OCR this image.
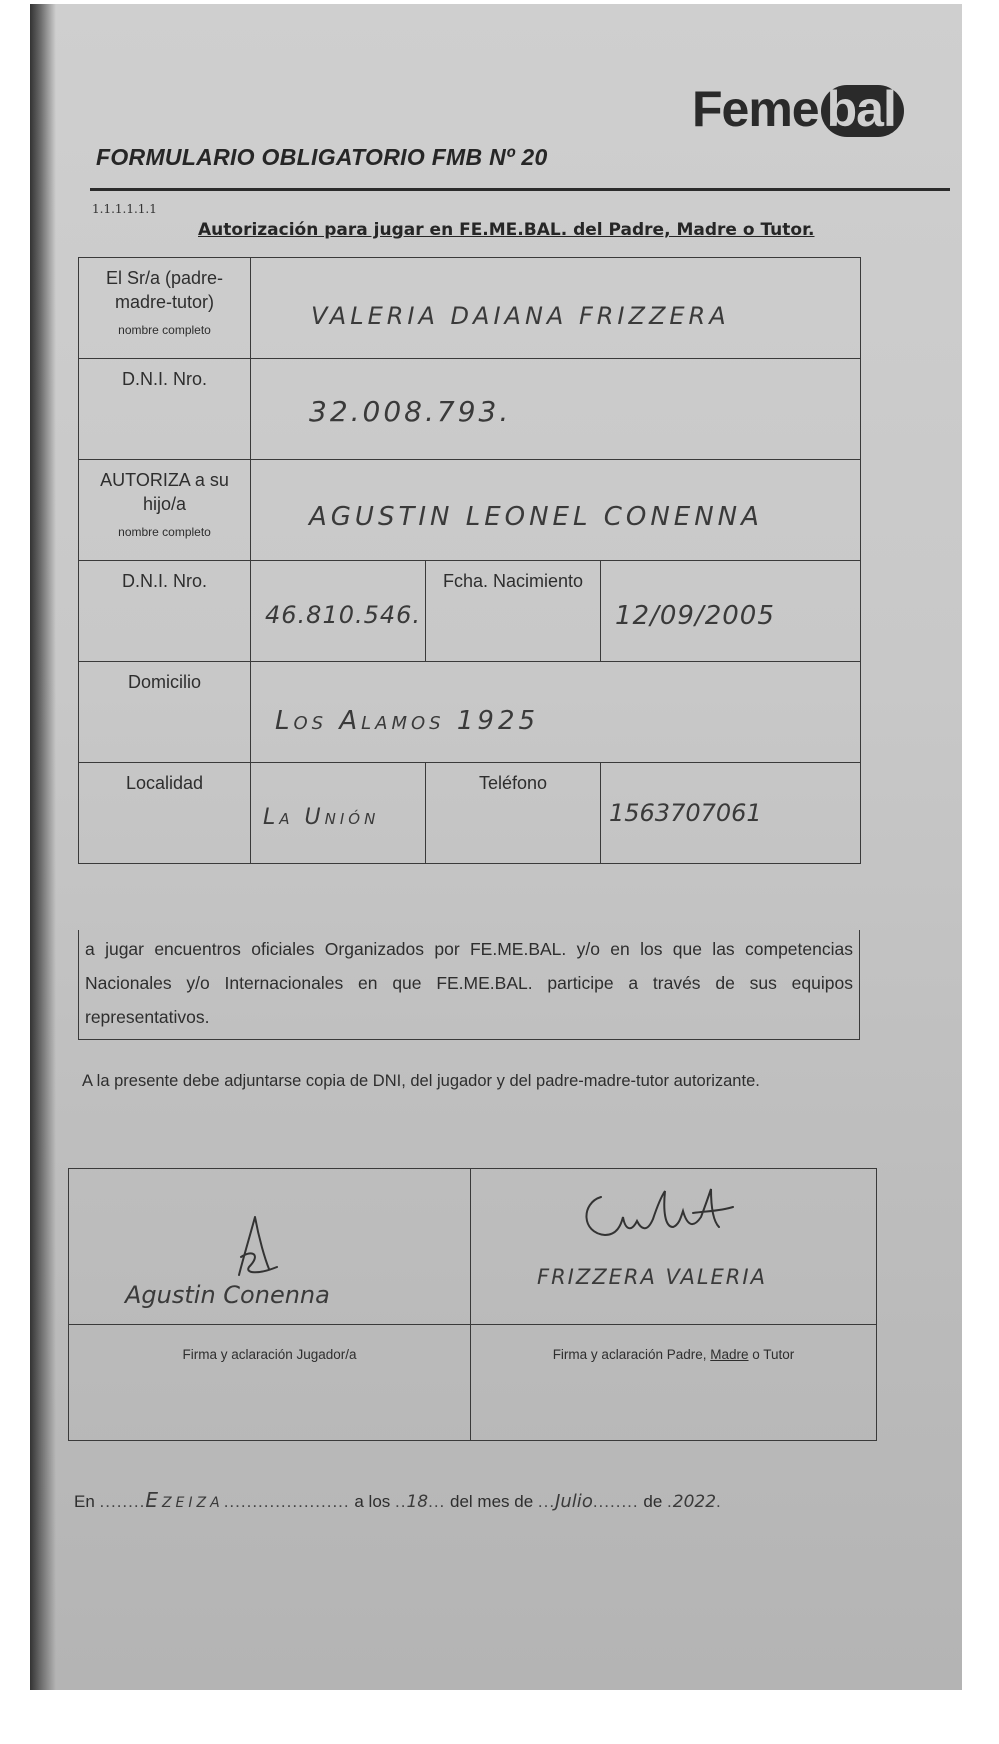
Feme bal
FORMULARIO OBLIGATORIO FMB Nº 20
1.1.1.1.1.1
Autorización para jugar en FE.ME.BAL. del Padre, Madre o Tutor.
El Sr/a (padre-
madre-tutor)
nombre completo	VALERIA DAIANA FRIZZERA		

D.N.I. Nro.	32.008.793.		

AUTORIZA a su
hijo/a
nombre completo	AGUSTIN LEONEL CONENNA		

D.N.I. Nro.	46.810.546.	Fcha. Nacimiento	12/09/2005

Domicilio	Los Alamos 1925		

Localidad	La Unión	Teléfono	1563707061
a jugar encuentros oficiales Organizados por FE.ME.BAL. y/o en los que las competencias Nacionales y/o Internacionales en que FE.ME.BAL. participe a través de sus equipos representativos.
A la presente debe adjuntarse copia de DNI, del jugador y del padre-madre-tutor autorizante.
Agustin Conenna	FRIZZERA VALERIA

Firma y aclaración Jugador/a	Firma y aclaración Padre, Madre o Tutor
En ........Ezeiza...................... a los ..18... del mes de ...Julio........ de .2022.
